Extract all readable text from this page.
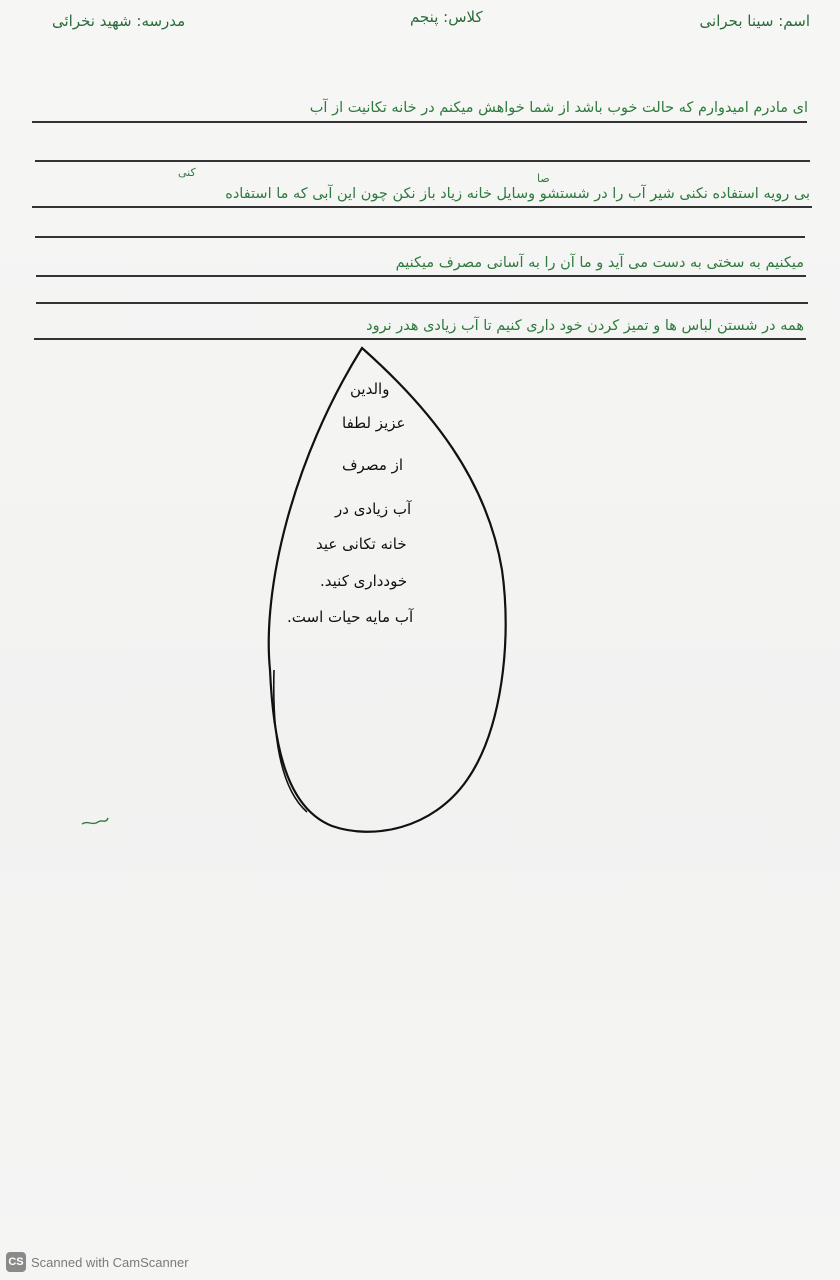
اسم: سینا بحرانی
کلاس: پنجم
مدرسه: شهید نخرائی
ای مادرم امیدوارم که حالت خوب باشد از شما خواهش میکنم در خانه تکانیت از آب
بی رویه استفاده نکنی شیر آب را در شستشو وسایل خانه زیاد باز نکن چون این آبی که ما استفاده
میکنیم به سختی به دست می آید و ما آن را به آسانی مصرف میکنیم
همه در شستن لباس ها و تمیز کردن خود داری کنیم تا آب زیادی هدر نرود
کنی	صا
والدین
عزیز لطفا
از مصرف
آب زیادی در
خانه تکانی عید
خودداری کنید.
آب مایه حیات است.
CS Scanned with CamScanner
